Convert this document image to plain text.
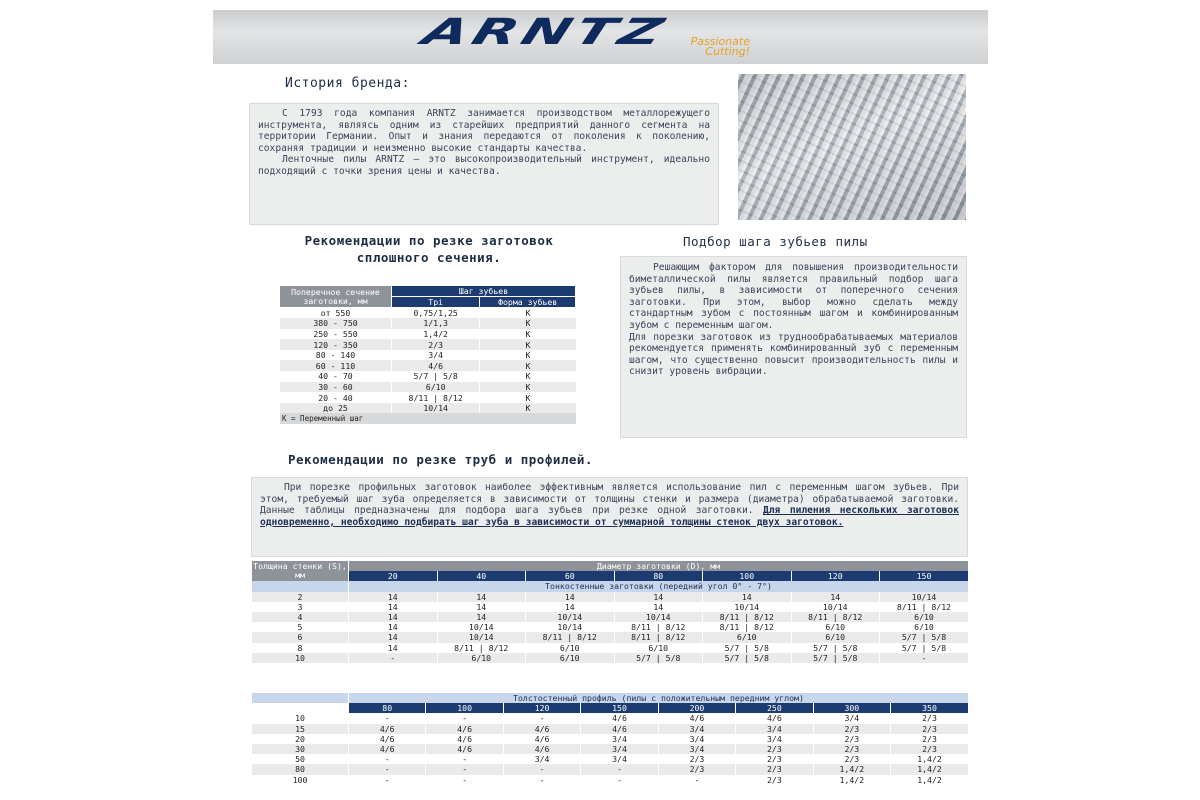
ARNTZ	Passionate
Cutting!
История бренда:

С 1793 года компания ARNTZ занимается производством металлорежущего инструмента, являясь одним из старейших предприятий данного сегмента на территории Германии. Опыт и знания передаются от поколения к поколению, сохраняя традиции и неизменно высокие стандарты качества.

Ленточные пилы ARNTZ — это высокопроизводительный инструмент, идеально подходящий с точки зрения цены и качества.

Рекомендации по резке заготовок
сплошного сечения.
Поперечное сечение заготовки, мм	Шаг зубьев	
	Tpi	Форма зубьев
от 550	0,75/1,25	K
380 - 750	1/1,3	K
250 - 550	1,4/2	K
120 - 350	2/3	K
80 - 140	3/4	K
60 - 110	4/6	K
40 - 70	5/7 | 5/8	K
30 - 60	6/10	K
20 - 40	8/11 | 8/12	K
до 25	10/14	K
K = Переменный шаг		
Подбор шага зубьев пилы

Решающим фактором для повышения производительности биметаллической пилы является правильный подбор шага зубьев пилы, в зависимости от поперечного сечения заготовки. При этом, выбор можно сделать между стандартным зубом с постоянным шагом и комбинированным зубом с переменным шагом.

Для порезки заготовок из труднообрабатываемых материалов рекомендуется применять комбинированный зуб с переменным шагом, что существенно повысит производительность пилы и снизит уровень вибрации.

Рекомендации по резке труб и профилей.

При порезке профильных заготовок наиболее эффективным является использование пил с переменным шагом зубьев. При этом, требуемый шаг зуба определяется в зависимости от толщины стенки и размера (диаметра) обрабатываемой заготовки. Данные таблицы предназначены для подбора шага зубьев при резке одной заготовки. Для пиления нескольких заготовок одновременно, необходимо подбирать шаг зуба в зависимости от суммарной толщины стенок двух заготовок.

Толщина стенки (S), мм	Диаметр заготовки (D), мм						
	20	40	60	80	100	120	150
	Тонкостенные заготовки (передний угол 0° - 7°)						
2	14	14	14	14	14	14	10/14
3	14	14	14	14	10/14	10/14	8/11 | 8/12
4	14	14	10/14	10/14	8/11 | 8/12	8/11 | 8/12	6/10
5	14	10/14	10/14	8/11 | 8/12	8/11 | 8/12	6/10	6/10
6	14	10/14	8/11 | 8/12	8/11 | 8/12	6/10	6/10	5/7 | 5/8
8	14	8/11 | 8/12	6/10	6/10	5/7 | 5/8	5/7 | 5/8	5/7 | 5/8
10	-	6/10	6/10	5/7 | 5/8	5/7 | 5/8	5/7 | 5/8	-
	Толстостенный профиль (пилы с положительным передним углом)							
	80	100	120	150	200	250	300	350
10	-	-	-	4/6	4/6	4/6	3/4	2/3
15	4/6	4/6	4/6	4/6	3/4	3/4	2/3	2/3
20	4/6	4/6	4/6	3/4	3/4	3/4	2/3	2/3
30	4/6	4/6	4/6	3/4	3/4	2/3	2/3	2/3
50	-	-	3/4	3/4	2/3	2/3	2/3	1,4/2
80	-	-	-	-	2/3	2/3	1,4/2	1,4/2
100	-	-	-	-	-	2/3	1,4/2	1,4/2
